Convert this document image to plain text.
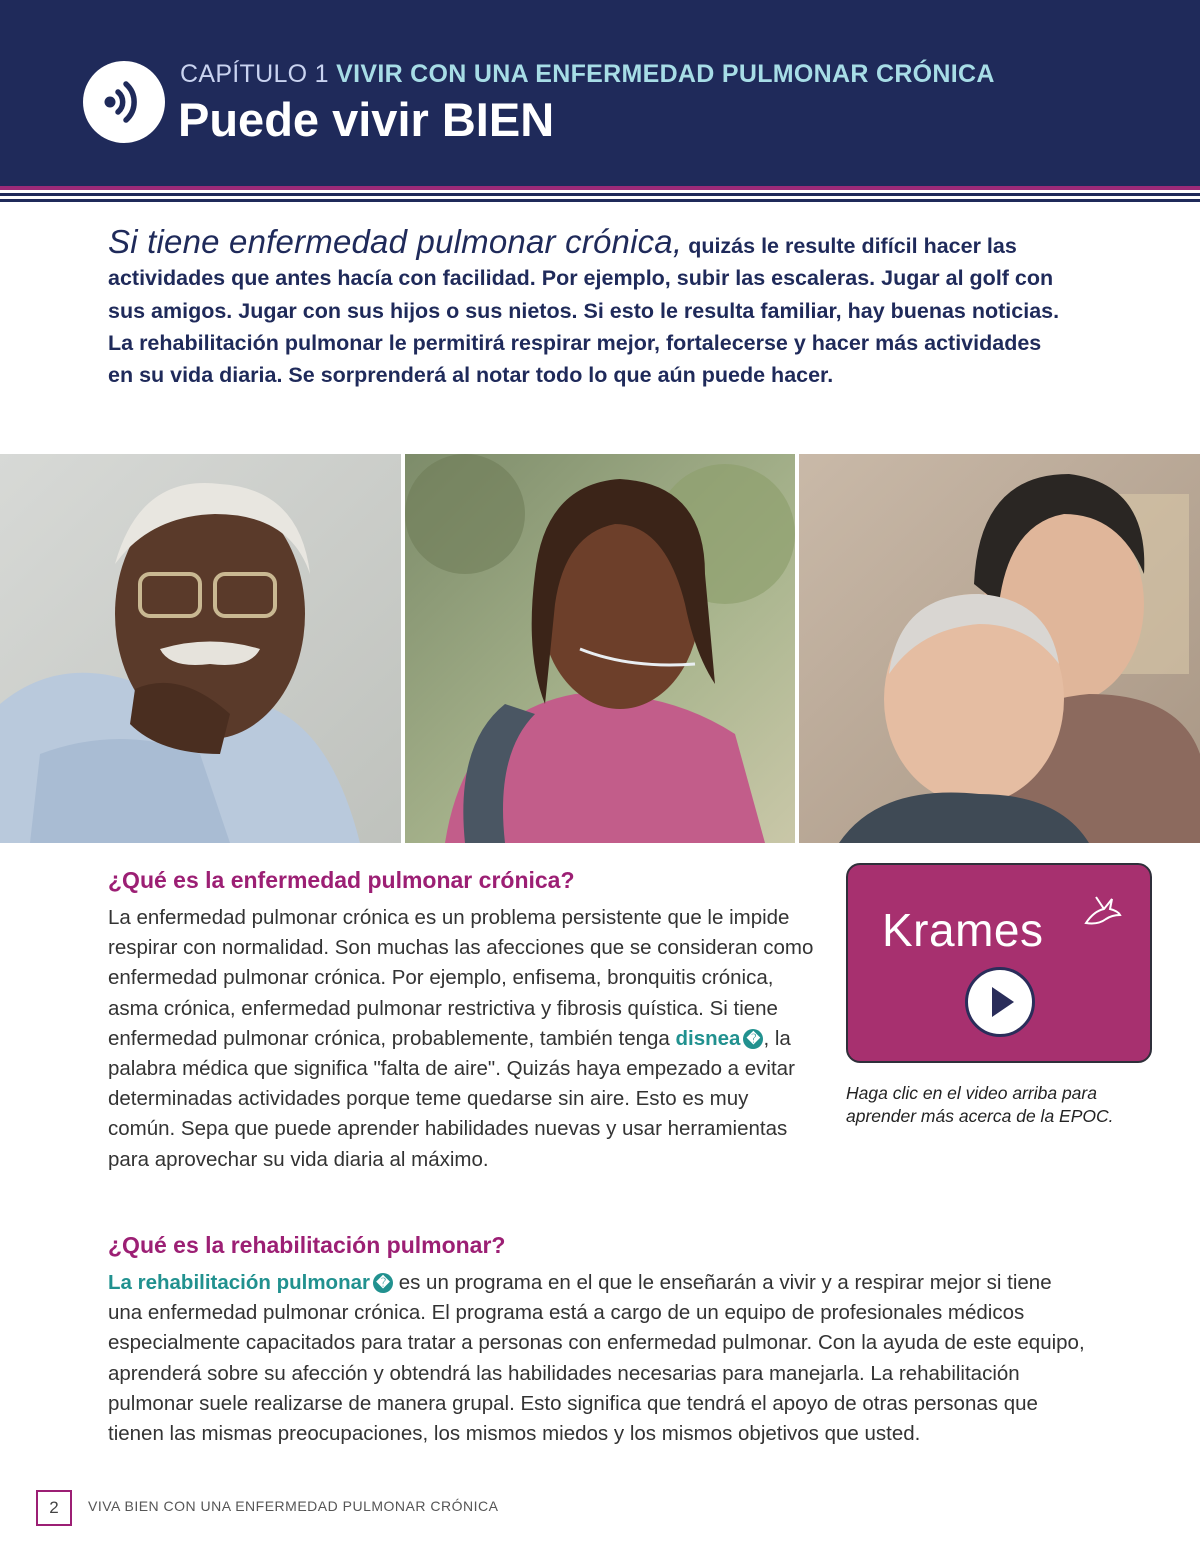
CAPÍTULO 1 VIVIR CON UNA ENFERMEDAD PULMONAR CRÓNICA
Puede vivir BIEN
Si tiene enfermedad pulmonar crónica, quizás le resulte difícil hacer las actividades que antes hacía con facilidad. Por ejemplo, subir las escaleras. Jugar al golf con sus amigos. Jugar con sus hijos o sus nietos. Si esto le resulta familiar, hay buenas noticias. La rehabilitación pulmonar le permitirá respirar mejor, fortalecerse y hacer más actividades en su vida diaria. Se sorprenderá al notar todo lo que aún puede hacer.
¿Qué es la enfermedad pulmonar crónica?
La enfermedad pulmonar crónica es un problema persistente que le impide respirar con normalidad. Son muchas las afecciones que se consideran como enfermedad pulmonar crónica. Por ejemplo, enfisema, bronquitis crónica, asma crónica, enfermedad pulmonar restrictiva y fibrosis quística. Si tiene enfermedad pulmonar crónica, probablemente, también tenga disnea � , la palabra médica que significa "falta de aire". Quizás haya empezado a evitar determinadas actividades porque teme quedarse sin aire. Esto es muy común. Sepa que puede aprender habilidades nuevas y usar herramientas para aprovechar su vida diaria al máximo.
Krames
Haga clic en el video arriba para aprender más acerca de la EPOC.
¿Qué es la rehabilitación pulmonar?
La rehabilitación pulmonar � es un programa en el que le enseñarán a vivir y a respirar mejor si tiene una enfermedad pulmonar crónica. El programa está a cargo de un equipo de profesionales médicos especialmente capacitados para tratar a personas con enfermedad pulmonar. Con la ayuda de este equipo, aprenderá sobre su afección y obtendrá las habilidades necesarias para manejarla. La rehabilitación pulmonar suele realizarse de manera grupal. Esto significa que tendrá el apoyo de otras personas que tienen las mismas preocupaciones, los mismos miedos y los mismos objetivos que usted.
2	VIVA BIEN CON UNA ENFERMEDAD PULMONAR CRÓNICA
